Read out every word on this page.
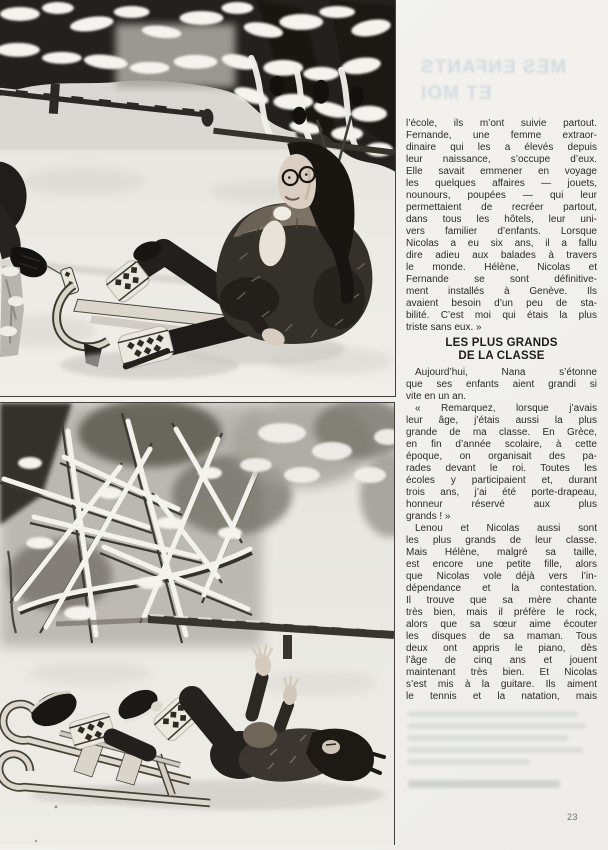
MES ENFANTS
ET MOI
l’école, ils m’ont suivie partout.
Fernande, une femme extraor-
dinaire qui les a élevés depuis
leur naissance, s’occupe d’eux.
Elle savait emmener en voyage
les quelques affaires — jouets,
nounours, poupées — qui leur
permettaient de recréer partout,
dans tous les hôtels, leur uni-
vers familier d’enfants. Lorsque
Nicolas a eu six ans, il a fallu
dire adieu aux balades à travers
le monde. Hélène, Nicolas et
Fernande se sont définitive-
ment installés à Genève. Ils
avaient besoin d’un peu de sta-
bilité. C’est moi qui étais la plus
triste sans eux. »
LES PLUS GRANDS
DE LA CLASSE
Aujourd’hui, Nana s’étonne
que ses enfants aient grandi si
vite en un an.
« Remarquez, lorsque j’avais
leur âge, j’étais aussi la plus
grande de ma classe. En Grèce,
en fin d’année scolaire, à cette
époque, on organisait des pa-
rades devant le roi. Toutes les
écoles y participaient et, durant
trois ans, j’ai été porte-drapeau,
honneur réservé aux plus
grands ! »
Lenou et Nicolas aussi sont
les plus grands de leur classe.
Mais Hélène, malgré sa taille,
est encore une petite fille, alors
que Nicolas vole déjà vers l’in-
dépendance et la contestation.
Il trouve que sa mère chante
très bien, mais il préfère le rock,
alors que sa sœur aime écouter
les disques de sa maman. Tous
deux ont appris le piano, dès
l’âge de cinq ans et jouent
maintenant très bien. Et Nicolas
s’est mis à la guitare. Ils aiment
le tennis et la natation, mais
23
